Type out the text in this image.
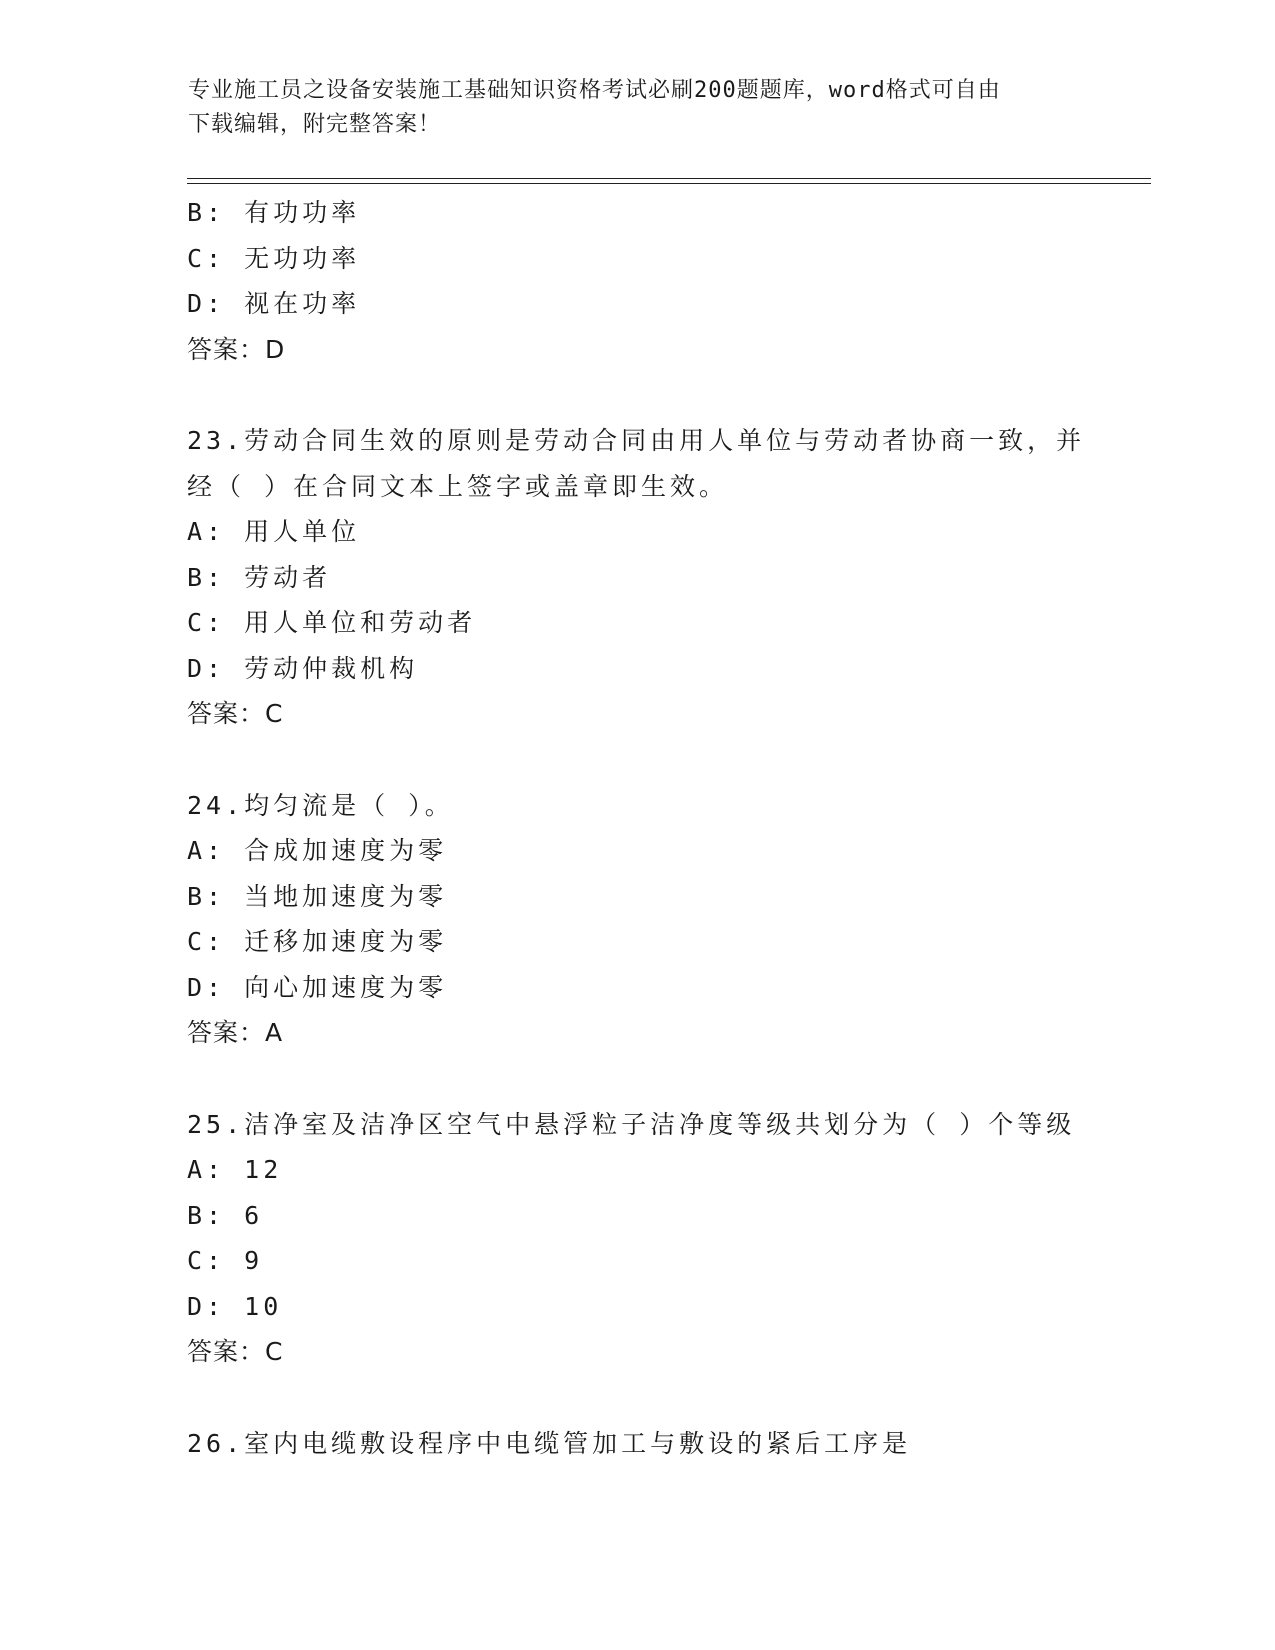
专业施工员之设备安装施工基础知识资格考试必刷200题题库，word格式可自由
下载编辑，附完整答案！
B: 有功功率
C: 无功功率
D: 视在功率
答案：D
23.劳动合同生效的原则是劳动合同由用人单位与劳动者协商一致，并
经（ ）在合同文本上签字或盖章即生效。
A: 用人单位
B: 劳动者
C: 用人单位和劳动者
D: 劳动仲裁机构
答案：C
24.均匀流是（ ）。
A: 合成加速度为零
B: 当地加速度为零
C: 迁移加速度为零
D: 向心加速度为零
答案：A
25.洁净室及洁净区空气中悬浮粒子洁净度等级共划分为（ ）个等级
A: 12
B: 6
C: 9
D: 10
答案：C
26.室内电缆敷设程序中电缆管加工与敷设的紧后工序是
